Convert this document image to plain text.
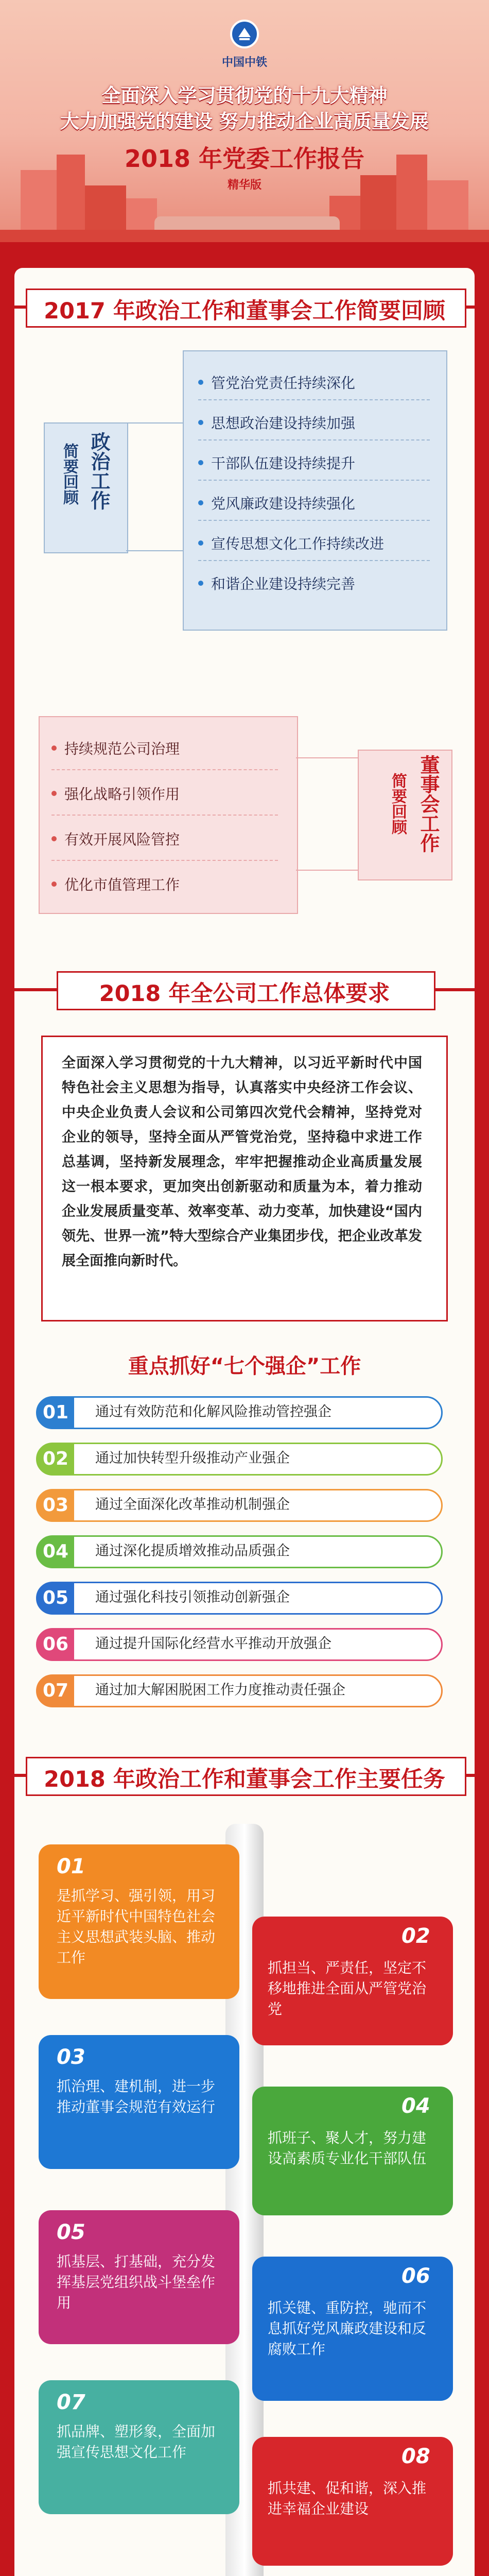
中国中铁
全面深入学习贯彻党的十九大精神
大力加强党的建设 努力推动企业高质量发展
2018 年党委工作报告
精华版
2017 年政治工作和董事会工作简要回顾
政治工作
简要回顾
管党治党责任持续深化
思想政治建设持续加强
干部队伍建设持续提升
党风廉政建设持续强化
宣传思想文化工作持续改进
和谐企业建设持续完善
董事会工作
简要回顾
持续规范公司治理
强化战略引领作用
有效开展风险管控
优化市值管理工作
2018 年全公司工作总体要求
全面深入学习贯彻党的十九大精神，以习近平新时代中国特色社会主义思想为指导，认真落实中央经济工作会议、中央企业负责人会议和公司第四次党代会精神，坚持党对企业的领导，坚持全面从严管党治党，坚持稳中求进工作总基调，坚持新发展理念，牢牢把握推动企业高质量发展这一根本要求，更加突出创新驱动和质量为本，着力推动企业发展质量变革、效率变革、动力变革，加快建设“国内领先、世界一流”特大型综合产业集团步伐，把企业改革发展全面推向新时代。
重点抓好“七个强企”工作
01	通过有效防范和化解风险推动管控强企
02	通过加快转型升级推动产业强企
03	通过全面深化改革推动机制强企
04	通过深化提质增效推动品质强企
05	通过强化科技引领推动创新强企
06	通过提升国际化经营水平推动开放强企
07	通过加大解困脱困工作力度推动责任强企
2018 年政治工作和董事会工作主要任务
01
是抓学习、强引领，用习近平新时代中国特色社会主义思想武装头脑、推动工作
02
抓担当、严责任，坚定不移地推进全面从严管党治党
03
抓治理、建机制，进一步推动董事会规范有效运行	04
抓班子、聚人才，努力建设高素质专业化干部队伍
05
抓基层、打基础，充分发挥基层党组织战斗堡垒作用
06
抓关键、重防控，驰而不息抓好党风廉政建设和反腐败工作
07
抓品牌、塑形象，全面加强宣传思想文化工作	08
抓共建、促和谐，深入推进幸福企业建设
